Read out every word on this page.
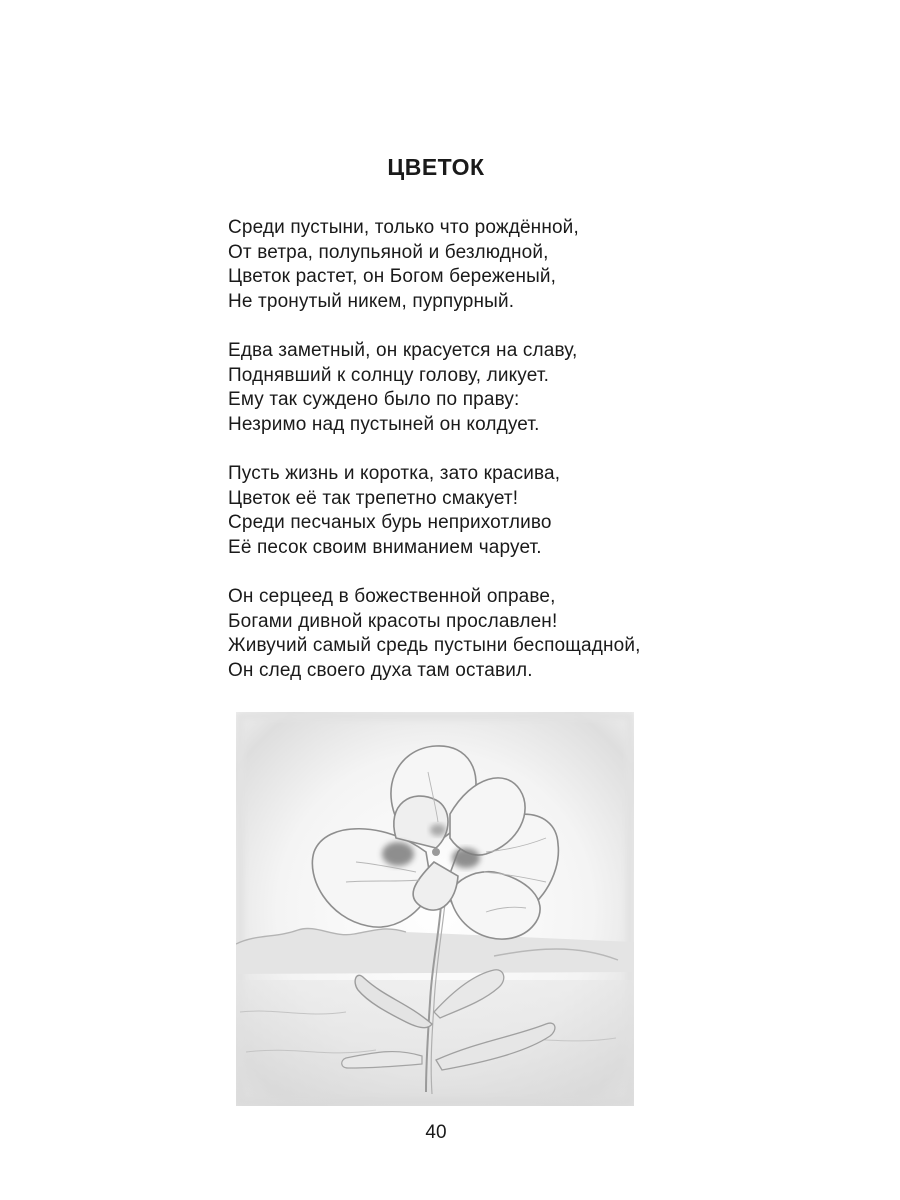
ЦВЕТОК
Среди пустыни, только что рождённой,
От ветра, полупьяной и безлюдной,
Цветок растет, он Богом береженый,
Не тронутый никем, пурпурный.
Едва заметный, он красуется на славу,
Поднявший к солнцу голову, ликует.
Ему так суждено было по праву:
Незримо над пустыней он колдует.
Пусть жизнь и коротка, зато красива,
Цветок её так трепетно смакует!
Среди песчаных бурь неприхотливо
Её песок своим вниманием чарует.
Он серцеед в божественной оправе,
Богами дивной красоты прославлен!
Живучий самый средь пустыни беспощадной,
Он след своего духа там оставил.
40
